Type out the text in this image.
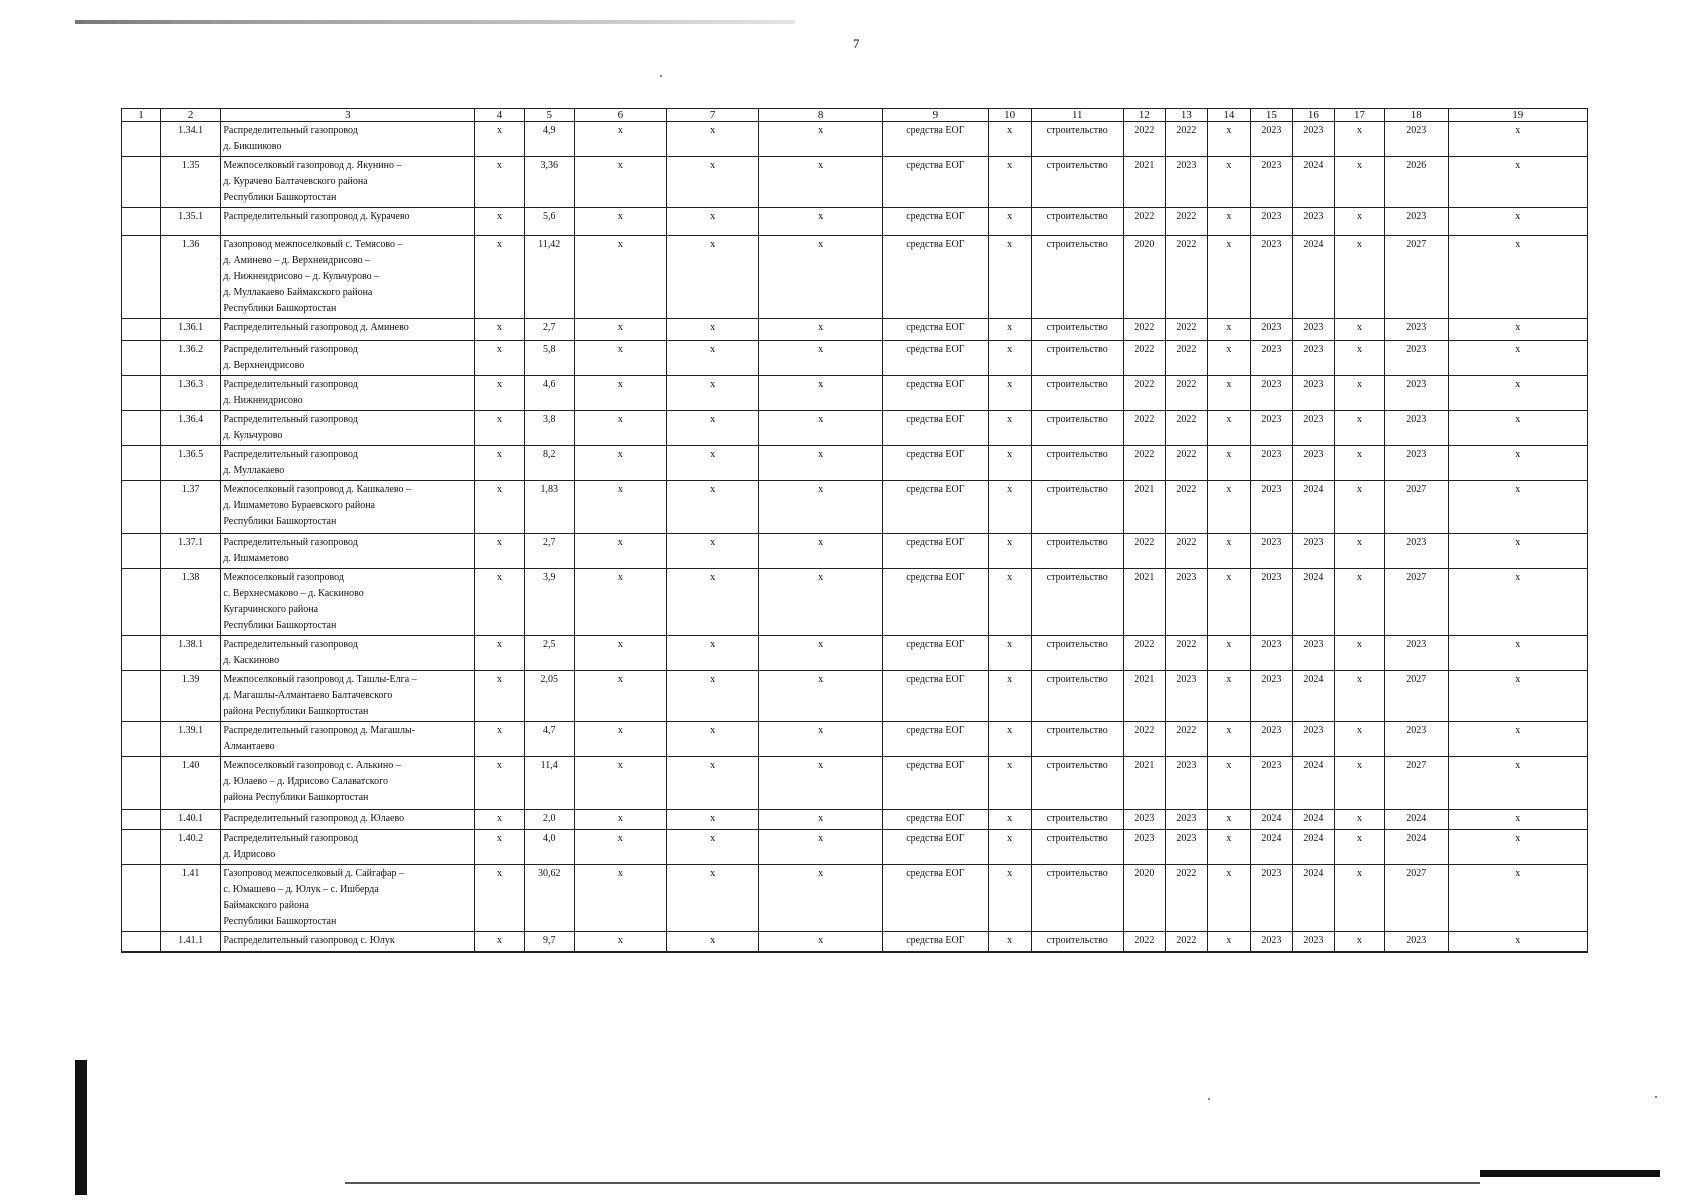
7
1	2	3	4	5	6	7	8	9	10	11	12	13	14	15	16	17	18	19
	1.34.1	Распределительный газопровод
д. Бикшиково	x	4,9	x	x	x	средства ЕОГ	x	строительство	2022	2022	x	2023	2023	x	2023	x
	1.35	Межпоселковый газопровод д. Якунино –
д. Курачево Балтачевского района
Республики Башкортостан	x	3,36	x	x	x	средства ЕОГ	x	строительство	2021	2023	x	2023	2024	x	2026	x
	1.35.1	Распределительный газопровод д. Курачево	x	5,6	x	x	x	средства ЕОГ	x	строительство	2022	2022	x	2023	2023	x	2023	x
	1.36	Газопровод межпоселковый с. Темясово –
д. Аминево – д. Верхнеидрисово –
д. Нижнеидрисово – д. Кульчурово –
д. Муллакаево Баймакского района
Республики Башкортостан	x	11,42	x	x	x	средства ЕОГ	x	строительство	2020	2022	x	2023	2024	x	2027	x
	1.36.1	Распределительный газопровод д. Аминево	x	2,7	x	x	x	средства ЕОГ	x	строительство	2022	2022	x	2023	2023	x	2023	x
	1.36.2	Распределительный газопровод
д. Верхнеидрисово	x	5,8	x	x	x	средства ЕОГ	x	строительство	2022	2022	x	2023	2023	x	2023	x
	1.36.3	Распределительный газопровод
д. Нижнеидрисово	x	4,6	x	x	x	средства ЕОГ	x	строительство	2022	2022	x	2023	2023	x	2023	x
	1.36.4	Распределительный газопровод
д. Кульчурово	x	3,8	x	x	x	средства ЕОГ	x	строительство	2022	2022	x	2023	2023	x	2023	x
	1.36.5	Распределительный газопровод
д. Муллакаево	x	8,2	x	x	x	средства ЕОГ	x	строительство	2022	2022	x	2023	2023	x	2023	x
	1.37	Межпоселковый газопровод д. Кашкалево –
д. Ишмаметово Бураевского района
Республики Башкортостан	x	1,83	x	x	x	средства ЕОГ	x	строительство	2021	2022	x	2023	2024	x	2027	x
	1.37.1	Распределительный газопровод
д. Ишмаметово	x	2,7	x	x	x	средства ЕОГ	x	строительство	2022	2022	x	2023	2023	x	2023	x
	1.38	Межпоселковый газопровод
с. Верхнесмаково – д. Каскиново
Кугарчинского района
Республики Башкортостан	x	3,9	x	x	x	средства ЕОГ	x	строительство	2021	2023	x	2023	2024	x	2027	x
	1.38.1	Распределительный газопровод
д. Каскиново	x	2,5	x	x	x	средства ЕОГ	x	строительство	2022	2022	x	2023	2023	x	2023	x
	1.39	Межпоселковый газопровод д. Ташлы-Елга –
д. Магашлы-Алмантаево Балтачевского
района Республики Башкортостан	x	2,05	x	x	x	средства ЕОГ	x	строительство	2021	2023	x	2023	2024	x	2027	x
	1.39.1	Распределительный газопровод д. Магашлы-
Алмантаево	x	4,7	x	x	x	средства ЕОГ	x	строительство	2022	2022	x	2023	2023	x	2023	x
	1.40	Межпоселковый газопровод с. Алькино –
д. Юлаево – д. Идрисово Салаватского
района Республики Башкортостан	x	11,4	x	x	x	средства ЕОГ	x	строительство	2021	2023	x	2023	2024	x	2027	x
	1.40.1	Распределительный газопровод д. Юлаево	x	2,0	x	x	x	средства ЕОГ	x	строительство	2023	2023	x	2024	2024	x	2024	x
	1.40.2	Распределительный газопровод
д. Идрисово	x	4,0	x	x	x	средства ЕОГ	x	строительство	2023	2023	x	2024	2024	x	2024	x
	1.41	Газопровод межпоселковый д. Сайгафар –
с. Юмашево – д. Юлук – с. Ишберда
Баймакского района
Республики Башкортостан	x	30,62	x	x	x	средства ЕОГ	x	строительство	2020	2022	x	2023	2024	x	2027	x
	1.41.1	Распределительный газопровод с. Юлук	x	9,7	x	x	x	средства ЕОГ	x	строительство	2022	2022	x	2023	2023	x	2023	x
